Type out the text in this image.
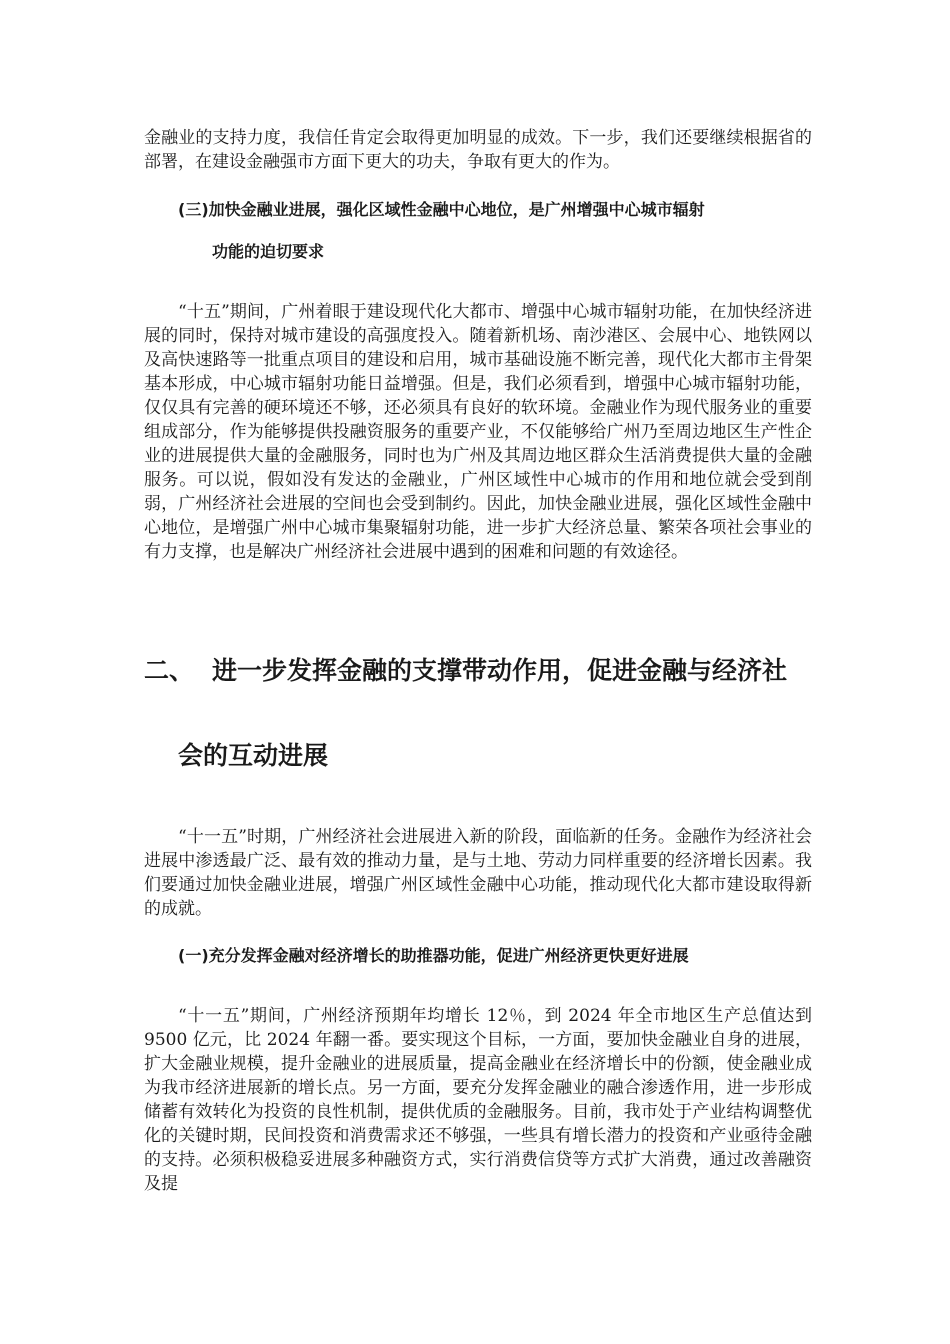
金融业的支持力度，我信任肯定会取得更加明显的成效。下一步，我们还要继续根据省的部署，在建设金融强市方面下更大的功夫，争取有更大的作为。

(三)加快金融业进展，强化区域性金融中心地位，是广州增强中心城市辐射

功能的迫切要求

“十五”期间，广州着眼于建设现代化大都市、增强中心城市辐射功能，在加快经济进展的同时，保持对城市建设的高强度投入。随着新机场、南沙港区、会展中心、地铁网以及高快速路等一批重点项目的建设和启用，城市基础设施不断完善，现代化大都市主骨架基本形成，中心城市辐射功能日益增强。但是，我们必须看到，增强中心城市辐射功能，仅仅具有完善的硬环境还不够，还必须具有良好的软环境。金融业作为现代服务业的重要组成部分，作为能够提供投融资服务的重要产业，不仅能够给广州乃至周边地区生产性企业的进展提供大量的金融服务，同时也为广州及其周边地区群众生活消费提供大量的金融服务。可以说，假如没有发达的金融业，广州区域性中心城市的作用和地位就会受到削弱，广州经济社会进展的空间也会受到制约。因此，加快金融业进展，强化区域性金融中心地位，是增强广州中心城市集聚辐射功能，进一步扩大经济总量、繁荣各项社会事业的有力支撑，也是解决广州经济社会进展中遇到的困难和问题的有效途径。

二、 进一步发挥金融的支撑带动作用，促进金融与经济社

会的互动进展

“十一五”时期，广州经济社会进展进入新的阶段，面临新的任务。金融作为经济社会进展中渗透最广泛、最有效的推动力量，是与土地、劳动力同样重要的经济增长因素。我们要通过加快金融业进展，增强广州区域性金融中心功能，推动现代化大都市建设取得新的成就。

(一)充分发挥金融对经济增长的助推器功能，促进广州经济更快更好进展

“十一五”期间，广州经济预期年均增长 12％，到 2024 年全市地区生产总值达到 9500 亿元，比 2024 年翻一番。要实现这个目标，一方面，要加快金融业自身的进展，扩大金融业规模，提升金融业的进展质量，提高金融业在经济增长中的份额，使金融业成为我市经济进展新的增长点。另一方面，要充分发挥金融业的融合渗透作用，进一步形成储蓄有效转化为投资的良性机制，提供优质的金融服务。目前，我市处于产业结构调整优化的关键时期，民间投资和消费需求还不够强，一些具有增长潜力的投资和产业亟待金融的支持。必须积极稳妥进展多种融资方式，实行消费信贷等方式扩大消费，通过改善融资及提
